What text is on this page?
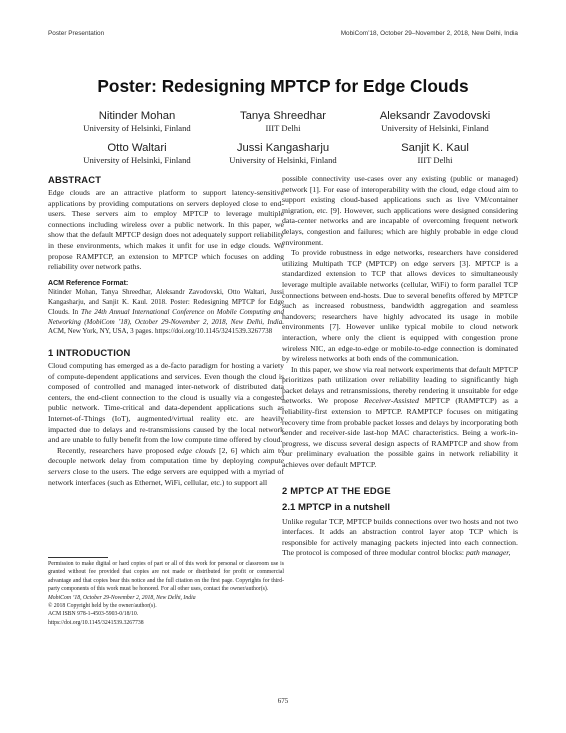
Poster Presentation	MobiCom’18, October 29–November 2, 2018, New Delhi, India
Poster: Redesigning MPTCP for Edge Clouds
Nitinder Mohan
University of Helsinki, Finland
Tanya Shreedhar
IIIT Delhi
Aleksandr Zavodovski
University of Helsinki, Finland
Otto Waltari
University of Helsinki, Finland
Jussi Kangasharju
University of Helsinki, Finland
Sanjit K. Kaul
IIIT Delhi
ABSTRACT

Edge clouds are an attractive platform to support latency-sensitive applications by providing computations on servers deployed close to end-users. These servers aim to employ MPTCP to leverage multiple connections including wireless over a public network. In this paper, we show that the default MPTCP design does not adequately support reliability in these environments, which makes it unfit for use in edge clouds. We propose RAMPTCP, an extension to MPTCP which focuses on adding reliability over network paths.

ACM Reference Format:

Nitinder Mohan, Tanya Shreedhar, Aleksandr Zavodovski, Otto Waltari, Jussi Kangasharju, and Sanjit K. Kaul. 2018. Poster: Redesigning MPTCP for Edge Clouds. In The 24th Annual International Conference on Mobile Computing and Networking (MobiCom ’18), October 29-November 2, 2018, New Delhi, India. ACM, New York, NY, USA, 3 pages. https://doi.org/10.1145/3241539.3267738

1 INTRODUCTION

Cloud computing has emerged as a de-facto paradigm for hosting a variety of compute-dependent applications and services. Even though the cloud is composed of controlled and managed inter-network of distributed data centers, the end-client connection to the cloud is usually via a congested public network. Time-critical and data-dependent applications such as Internet-of-Things (IoT), augmented/virtual reality etc. are heavily impacted due to delays and re-transmissions caused by the local network and are unable to fully benefit from the low compute time offered by cloud.

Recently, researchers have proposed edge clouds [2, 6] which aim to decouple network delay from computation time by deploying compute servers close to the users. The edge servers are equipped with a myriad of network interfaces (such as Ethernet, WiFi, cellular, etc.) to support all

Permission to make digital or hard copies of part or all of this work for personal or classroom use is granted without fee provided that copies are not made or distributed for profit or commercial advantage and that copies bear this notice and the full citation on the first page. Copyrights for third-party components of this work must be honored. For all other uses, contact the owner/author(s).

MobiCom ’18, October 29-November 2, 2018, New Delhi, India

© 2018 Copyright held by the owner/author(s).

ACM ISBN 978-1-4503-5903-0/18/10.

https://doi.org/10.1145/3241539.3267738

possible connectivity use-cases over any existing (public or managed) network [1]. For ease of interoperability with the cloud, edge cloud aim to support existing cloud-based applications such as live VM/container migration, etc. [9]. However, such applications were designed considering data-center networks and are incapable of overcoming frequent network delays, congestion and failures; which are highly probable in edge cloud environment.

To provide robustness in edge networks, researchers have considered utilizing Multipath TCP (MPTCP) on edge servers [3]. MPTCP is a standardized extension to TCP that allows devices to simultaneously leverage multiple available networks (cellular, WiFi) to form parallel TCP connections between end-hosts. Due to several benefits offered by MPTCP such as increased robustness, bandwidth aggregation and seamless handovers; researchers have highly advocated its usage in mobile environments [7]. However unlike typical mobile to cloud network interaction, where only the client is equipped with congestion prone wireless NIC, an edge-to-edge or mobile-to-edge connection is dominated by wireless networks at both ends of the communication.

In this paper, we show via real network experiments that default MPTCP prioritizes path utilization over reliability leading to significantly high packet delays and retransmissions, thereby rendering it unsuitable for edge networks. We propose Receiver-Assisted MPTCP (RAMPTCP) as a reliability-first extension to MPTCP. RAMPTCP focuses on mitigating recovery time from probable packet losses and delays by incorporating both sender and receiver-side last-hop MAC characteristics. Being a work-in-progress, we discuss several design aspects of RAMPTCP and show from our preliminary evaluation the possible gains in network reliability it achieves over default MPTCP.

2 MPTCP AT THE EDGE
2.1 MPTCP in a nutshell

Unlike regular TCP, MPTCP builds connections over two hosts and not two interfaces. It adds an abstraction control layer atop TCP which is responsible for actively managing packets injected into each connection. The protocol is composed of three modular control blocks: path manager,

675
